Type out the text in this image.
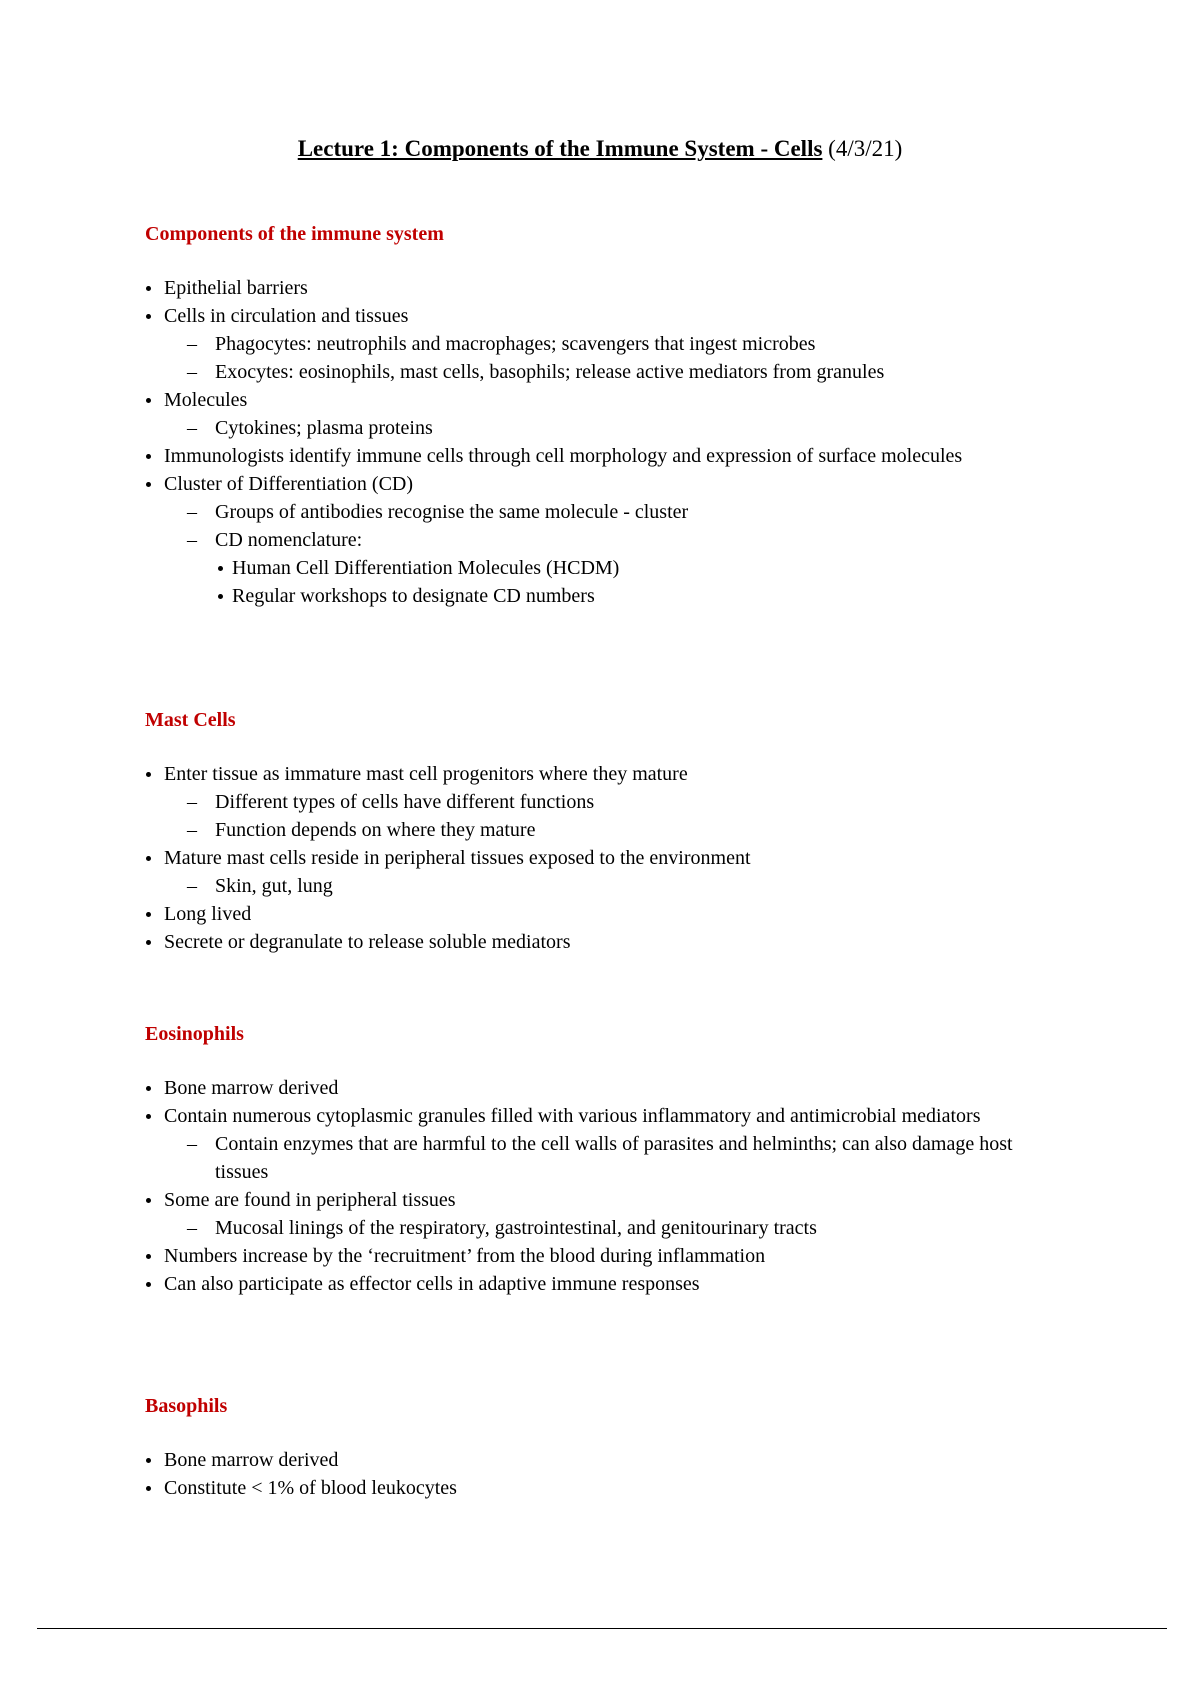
Lecture 1: Components of the Immune System - Cells (4/3/21)
Components of the immune system
Epithelial barriers
Cells in circulation and tissues
– Phagocytes: neutrophils and macrophages; scavengers that ingest microbes
– Exocytes: eosinophils, mast cells, basophils; release active mediators from granules
Molecules
– Cytokines; plasma proteins
Immunologists identify immune cells through cell morphology and expression of surface molecules
Cluster of Differentiation (CD)
– Groups of antibodies recognise the same molecule - cluster
– CD nomenclature:
Human Cell Differentiation Molecules (HCDM)
Regular workshops to designate CD numbers
Mast Cells
Enter tissue as immature mast cell progenitors where they mature
– Different types of cells have different functions
– Function depends on where they mature
Mature mast cells reside in peripheral tissues exposed to the environment
– Skin, gut, lung
Long lived
Secrete or degranulate to release soluble mediators
Eosinophils
Bone marrow derived
Contain numerous cytoplasmic granules filled with various inflammatory and antimicrobial mediators
– Contain enzymes that are harmful to the cell walls of parasites and helminths; can also damage host tissues
Some are found in peripheral tissues
– Mucosal linings of the respiratory, gastrointestinal, and genitourinary tracts
Numbers increase by the ‘recruitment’ from the blood during inflammation
Can also participate as effector cells in adaptive immune responses
Basophils
Bone marrow derived
Constitute < 1% of blood leukocytes
